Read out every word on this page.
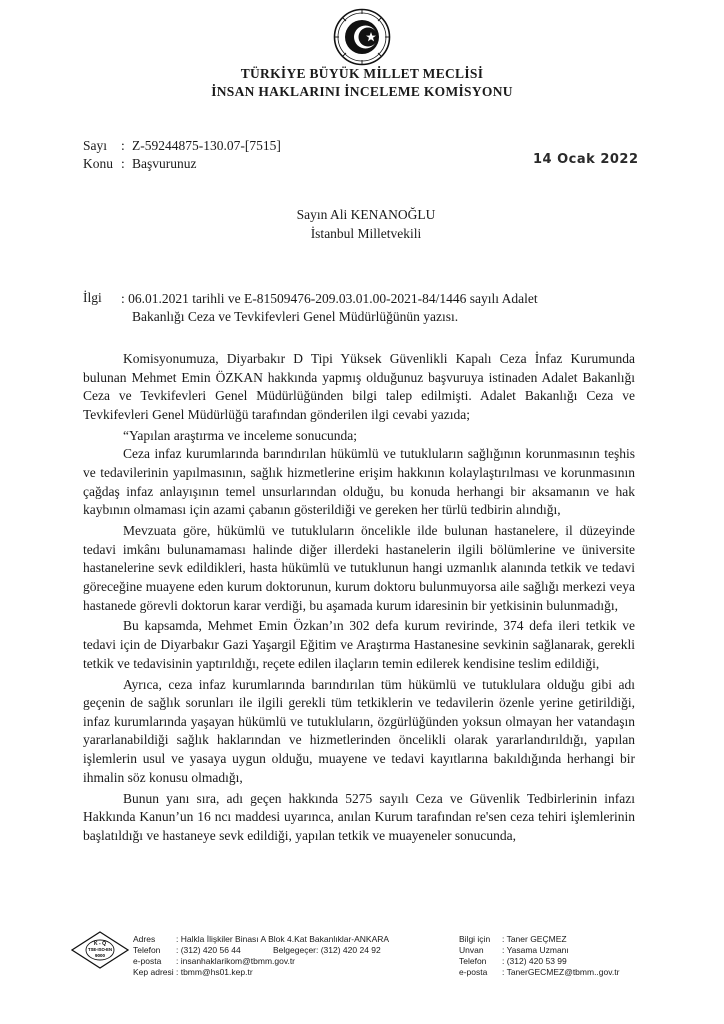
TÜRKİYE BÜYÜK MİLLET MECLİSİ
İNSAN HAKLARINI İNCELEME KOMİSYONU
Sayı : Z-59244875-130.07-[7515]
Konu : Başvurunuz	14 Ocak 2022
Sayın Ali KENANOĞLU
İstanbul Milletvekili
İlgi : 06.01.2021 tarihli ve E-81509476-209.03.01.00-2021-84/1446 sayılı Adalet
Bakanlığı Ceza ve Tevkifevleri Genel Müdürlüğünün yazısı.

Komisyonumuza, Diyarbakır D Tipi Yüksek Güvenlikli Kapalı Ceza İnfaz Kurumunda bulunan Mehmet Emin ÖZKAN hakkında yapmış olduğunuz başvuruya istinaden Adalet Bakanlığı Ceza ve Tevkifevleri Genel Müdürlüğünden bilgi talep edilmişti. Adalet Bakanlığı Ceza ve Tevkifevleri Genel Müdürlüğü tarafından gönderilen ilgi cevabi yazıda;

“Yapılan araştırma ve inceleme sonucunda;

Ceza infaz kurumlarında barındırılan hükümlü ve tutukluların sağlığının korunmasının teşhis ve tedavilerinin yapılmasının, sağlık hizmetlerine erişim hakkının kolaylaştırılması ve korunmasının çağdaş infaz anlayışının temel unsurlarından olduğu, bu konuda herhangi bir aksamanın ve hak kaybının olmaması için azami çabanın gösterildiği ve gereken her türlü tedbirin alındığı,

Mevzuata göre, hükümlü ve tutukluların öncelikle ilde bulunan hastanelere, il düzeyinde tedavi imkânı bulunamaması halinde diğer illerdeki hastanelerin ilgili bölümlerine ve üniversite hastanelerine sevk edildikleri, hasta hükümlü ve tutuklunun hangi uzmanlık alanında tetkik ve tedavi göreceğine muayene eden kurum doktorunun, kurum doktoru bulunmuyorsa aile sağlığı merkezi veya hastanede görevli doktorun karar verdiği, bu aşamada kurum idaresinin bir yetkisinin bulunmadığı,

Bu kapsamda, Mehmet Emin Özkan’ın 302 defa kurum revirinde, 374 defa ileri tetkik ve tedavi için de Diyarbakır Gazi Yaşargil Eğitim ve Araştırma Hastanesine sevkinin sağlanarak, gerekli tetkik ve tedavisinin yaptırıldığı, reçete edilen ilaçların temin edilerek kendisine teslim edildiği,

Ayrıca, ceza infaz kurumlarında barındırılan tüm hükümlü ve tutuklulara olduğu gibi adı geçenin de sağlık sorunları ile ilgili gerekli tüm tetkiklerin ve tedavilerin özenle yerine getirildiği, infaz kurumlarında yaşayan hükümlü ve tutukluların, özgürlüğünden yoksun olmayan her vatandaşın yararlanabildiği sağlık haklarından ve hizmetlerinden öncelikli olarak yararlandırıldığı, yapılan işlemlerin usul ve yasaya uygun olduğu, muayene ve tedavi kayıtlarına bakıldığında herhangi bir ihmalin söz konusu olmadığı,

Bunun yanı sıra, adı geçen hakkında 5275 sayılı Ceza ve Güvenlik Tedbirlerinin infazı Hakkında Kanun’un 16 ncı maddesi uyarınca, anılan Kurum tarafından re'sen ceza tehiri işlemlerinin başlatıldığı ve hastaneye sevk edildiği, yapılan tetkik ve muayeneler sonucunda,

K - Q
TSE-ISO-EN
9000
Adres : Halkla İlişkiler Binası A Blok 4.Kat Bakanlıklar-ANKARA
Telefon : (312) 420 56 44	Belgegeçer: (312) 420 24 92
e-posta : insanhaklarikom@tbmm.gov.tr
Kep adresi : tbmm@hs01.kep.tr
Bilgi için : Taner GEÇMEZ
Unvan : Yasama Uzmanı
Telefon : (312) 420 53 99
e-posta : TanerGECMEZ@tbmm..gov.tr
